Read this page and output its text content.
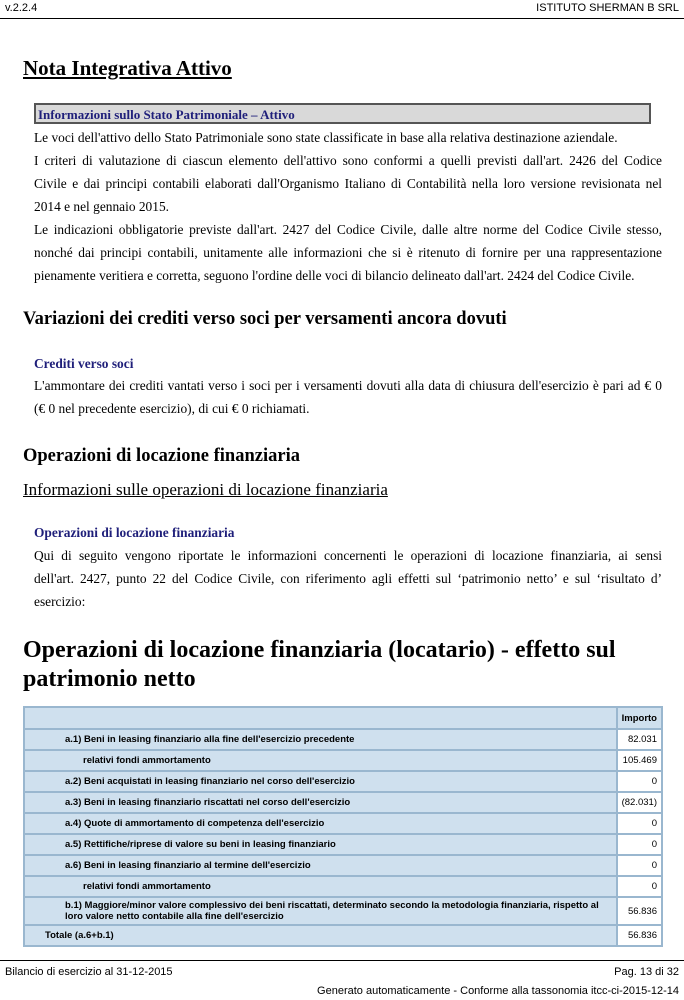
v.2.2.4	ISTITUTO SHERMAN B SRL
Nota Integrativa Attivo
Informazioni sullo Stato Patrimoniale – Attivo
Le voci dell'attivo dello Stato Patrimoniale sono state classificate in base alla relativa destinazione aziendale.
I criteri di valutazione di ciascun elemento dell'attivo sono conformi a quelli previsti dall'art. 2426 del Codice
Civile e dai principi contabili elaborati dall'Organismo Italiano di Contabilità nella loro versione revisionata nel
2014 e nel gennaio 2015.
Le indicazioni obbligatorie previste dall'art. 2427 del Codice Civile, dalle altre norme del Codice Civile stesso,
nonché dai principi contabili, unitamente alle informazioni che si è ritenuto di fornire per una rappresentazione
pienamente veritiera e corretta, seguono l'ordine delle voci di bilancio delineato dall'art. 2424 del Codice Civile.
Variazioni dei crediti verso soci per versamenti ancora dovuti
Crediti verso soci
L'ammontare dei crediti vantati verso i soci per i versamenti dovuti alla data di chiusura dell'esercizio è pari ad € 0
(€ 0 nel precedente esercizio), di cui € 0 richiamati.
Operazioni di locazione finanziaria
Informazioni sulle operazioni di locazione finanziaria
Operazioni di locazione finanziaria
Qui di seguito vengono riportate le informazioni concernenti le operazioni di locazione finanziaria, ai sensi
dell'art. 2427, punto 22 del Codice Civile, con riferimento agli effetti sul ‘patrimonio netto’ e sul ‘risultato d’
esercizio:
Operazioni di locazione finanziaria (locatario) - effetto sul
patrimonio netto
	Importo
a.1) Beni in leasing finanziario alla fine dell'esercizio precedente	82.031
relativi fondi ammortamento	105.469
a.2) Beni acquistati in leasing finanziario nel corso dell'esercizio	0
a.3) Beni in leasing finanziario riscattati nel corso dell'esercizio	(82.031)
a.4) Quote di ammortamento di competenza dell'esercizio	0
a.5) Rettifiche/riprese di valore su beni in leasing finanziario	0
a.6) Beni in leasing finanziario al termine dell'esercizio	0
relativi fondi ammortamento	0
b.1) Maggiore/minor valore complessivo dei beni riscattati, determinato secondo la metodologia finanziaria, rispetto al loro valore netto contabile alla fine dell'esercizio	56.836
Totale (a.6+b.1)	56.836
Bilancio di esercizio al 31-12-2015	Pag. 13 di 32
Generato automaticamente - Conforme alla tassonomia itcc-ci-2015-12-14
